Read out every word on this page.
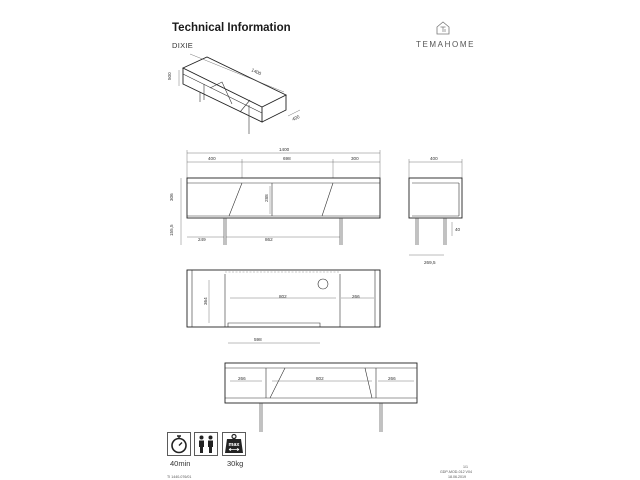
Technical Information
DIXIE	TEMAHOME
1400
500
400
1400
400	698	300
306
155,5
288
249	862
400
40
269,5
364
802	266
598
266	802	266
40min
max
30kg
TI 1440-076/01
1/1
GDP-MOD-012 V04
18.06.2019
